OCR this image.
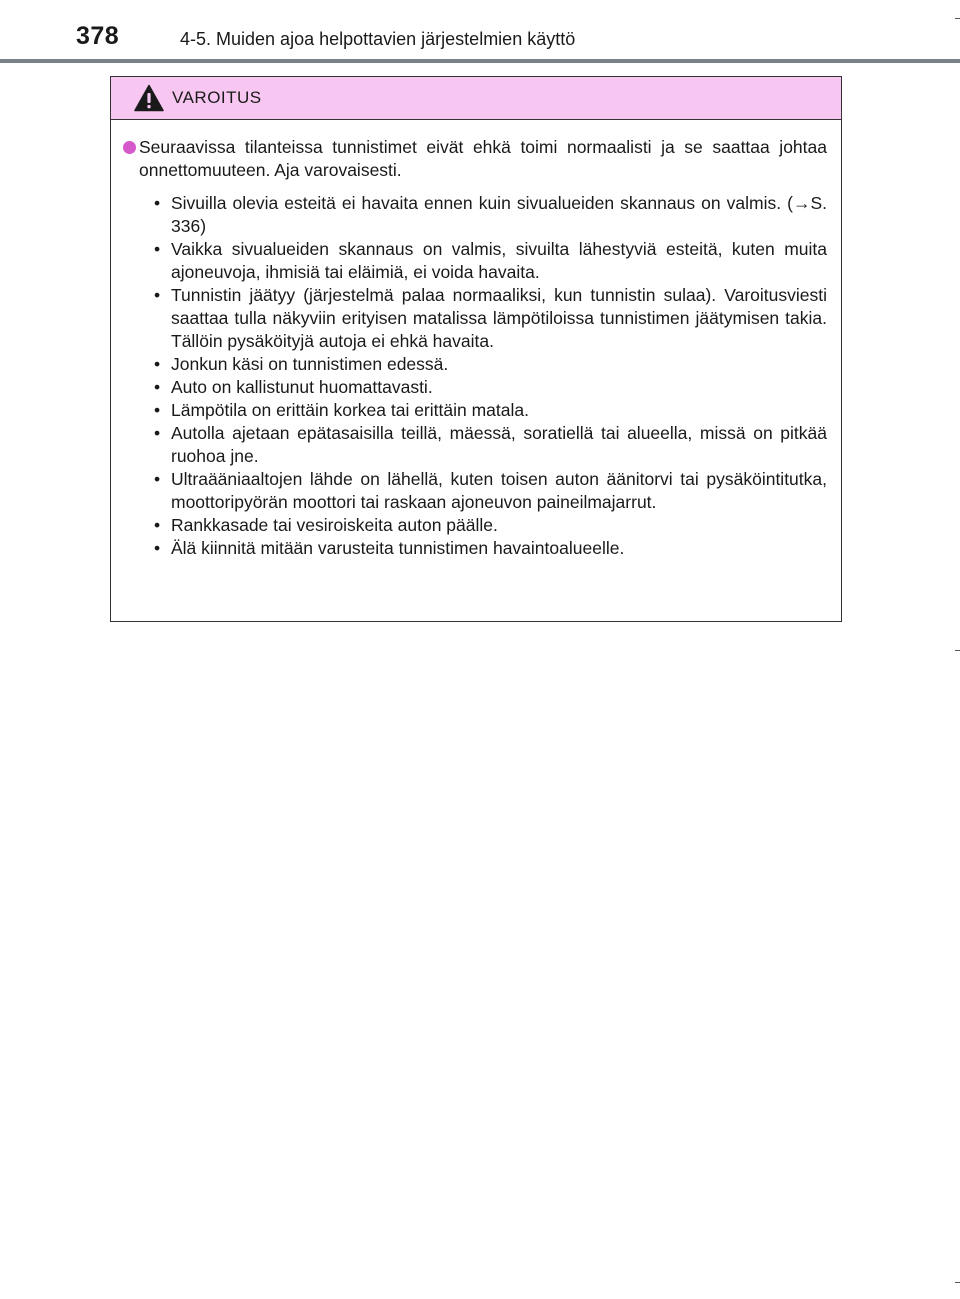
378	4-5. Muiden ajoa helpottavien järjestelmien käyttö
VAROITUS
Seuraavissa tilanteissa tunnistimet eivät ehkä toimi normaalisti ja se saattaa johtaa onnettomuuteen. Aja varovaisesti.
• Sivuilla olevia esteitä ei havaita ennen kuin sivualueiden skannaus on valmis. (→S. 336)
• Vaikka sivualueiden skannaus on valmis, sivuilta lähestyviä esteitä, kuten muita ajoneuvoja, ihmisiä tai eläimiä, ei voida havaita.
• Tunnistin jäätyy (järjestelmä palaa normaaliksi, kun tunnistin sulaa). Varoitusviesti saattaa tulla näkyviin erityisen matalissa lämpötiloissa tunnistimen jäätymisen takia. Tällöin pysäköityjä autoja ei ehkä havaita.
• Jonkun käsi on tunnistimen edessä.
• Auto on kallistunut huomattavasti.
• Lämpötila on erittäin korkea tai erittäin matala.
• Autolla ajetaan epätasaisilla teillä, mäessä, soratiellä tai alueella, missä on pitkää ruohoa jne.
• Ultraääniaaltojen lähde on lähellä, kuten toisen auton äänitorvi tai pysäköintitutka, moottoripyörän moottori tai raskaan ajoneuvon paineilmajarrut.
• Rankkasade tai vesiroiskeita auton päälle.
• Älä kiinnitä mitään varusteita tunnistimen havaintoalueelle.
